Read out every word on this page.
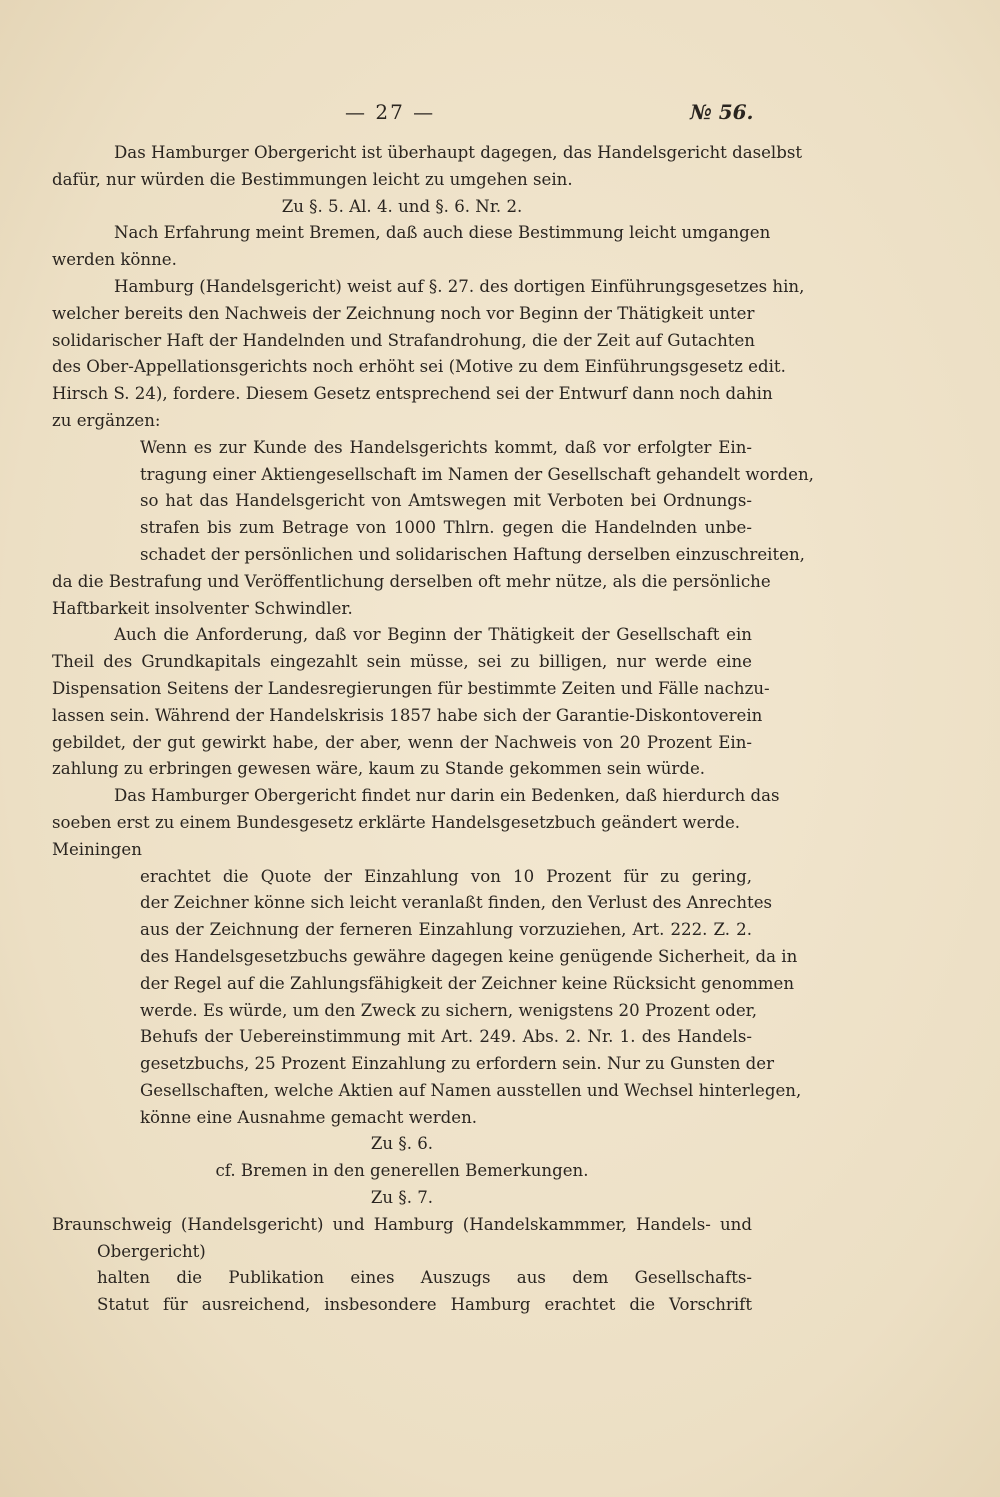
— 27 —	№ 56.
Das Hamburger Obergericht ist überhaupt dagegen, das Handelsgericht daselbst
dafür, nur würden die Bestimmungen leicht zu umgehen sein.
Zu §. 5. Al. 4. und §. 6. Nr. 2.
Nach Erfahrung meint Bremen, daß auch diese Bestimmung leicht umgangen
werden könne.
Hamburg (Handelsgericht) weist auf §. 27. des dortigen Einführungsgesetzes hin,
welcher bereits den Nachweis der Zeichnung noch vor Beginn der Thätigkeit unter
solidarischer Haft der Handelnden und Strafandrohung, die der Zeit auf Gutachten
des Ober-Appellationsgerichts noch erhöht sei (Motive zu dem Einführungsgesetz edit.
Hirsch S. 24), fordere. Diesem Gesetz entsprechend sei der Entwurf dann noch dahin
zu ergänzen:
Wenn es zur Kunde des Handelsgerichts kommt, daß vor erfolgter Ein-
tragung einer Aktiengesellschaft im Namen der Gesellschaft gehandelt worden,
so hat das Handelsgericht von Amtswegen mit Verboten bei Ordnungs-
strafen bis zum Betrage von 1000 Thlrn. gegen die Handelnden unbe-
schadet der persönlichen und solidarischen Haftung derselben einzuschreiten,
da die Bestrafung und Veröffentlichung derselben oft mehr nütze, als die persönliche
Haftbarkeit insolventer Schwindler.
Auch die Anforderung, daß vor Beginn der Thätigkeit der Gesellschaft ein
Theil des Grundkapitals eingezahlt sein müsse, sei zu billigen, nur werde eine
Dispensation Seitens der Landesregierungen für bestimmte Zeiten und Fälle nachzu-
lassen sein. Während der Handelskrisis 1857 habe sich der Garantie-Diskontoverein
gebildet, der gut gewirkt habe, der aber, wenn der Nachweis von 20 Prozent Ein-
zahlung zu erbringen gewesen wäre, kaum zu Stande gekommen sein würde.
Das Hamburger Obergericht findet nur darin ein Bedenken, daß hierdurch das
soeben erst zu einem Bundesgesetz erklärte Handelsgesetzbuch geändert werde.
Meiningen
erachtet die Quote der Einzahlung von 10 Prozent für zu gering,
der Zeichner könne sich leicht veranlaßt finden, den Verlust des Anrechtes
aus der Zeichnung der ferneren Einzahlung vorzuziehen, Art. 222. Z. 2.
des Handelsgesetzbuchs gewähre dagegen keine genügende Sicherheit, da in
der Regel auf die Zahlungsfähigkeit der Zeichner keine Rücksicht genommen
werde. Es würde, um den Zweck zu sichern, wenigstens 20 Prozent oder,
Behufs der Uebereinstimmung mit Art. 249. Abs. 2. Nr. 1. des Handels-
gesetzbuchs, 25 Prozent Einzahlung zu erfordern sein. Nur zu Gunsten der
Gesellschaften, welche Aktien auf Namen ausstellen und Wechsel hinterlegen,
könne eine Ausnahme gemacht werden.
Zu §. 6.
cf. Bremen in den generellen Bemerkungen.
Zu §. 7.
Braunschweig (Handelsgericht) und Hamburg (Handelskammmer, Handels- und
Obergericht)
halten die Publikation eines Auszugs aus dem Gesellschafts-
Statut für ausreichend, insbesondere Hamburg erachtet die Vorschrift
